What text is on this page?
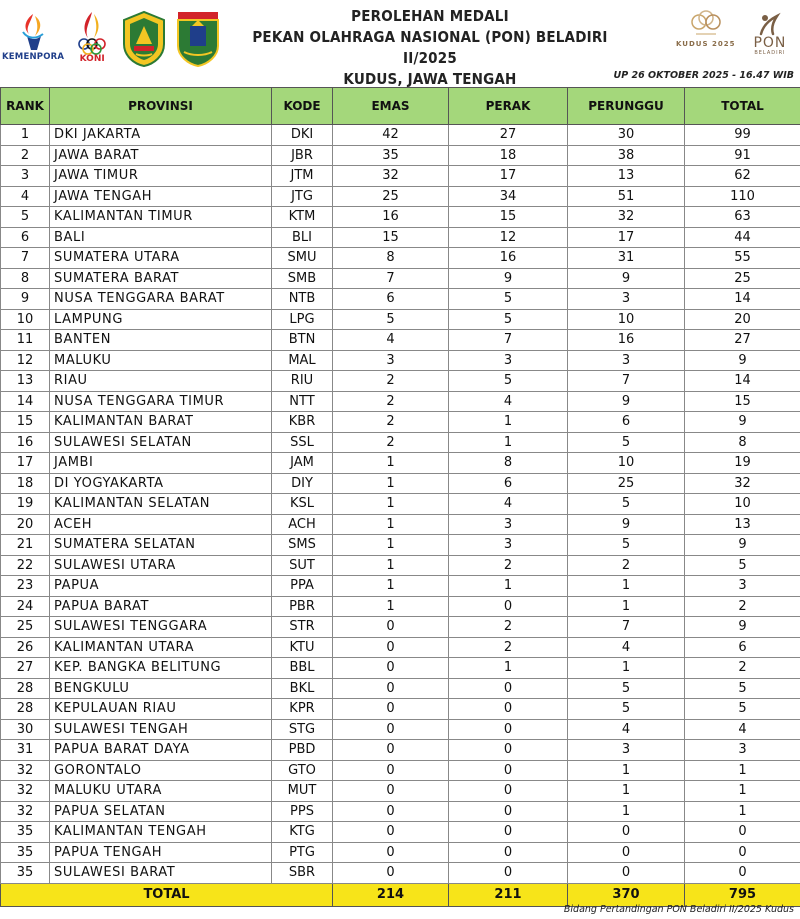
KEMENPORA KONI
PEROLEHAN MEDALI
PEKAN OLAHRAGA NASIONAL (PON) BELADIRI II/2025
KUDUS, JAWA TENGAH
KUDUS 2025 PON
BELADIRI
UP 26 OKTOBER 2025 - 16.47 WIB
RANK	PROVINSI	KODE	EMAS	PERAK	PERUNGGU	TOTAL
1	DKI JAKARTA	DKI	42	27	30	99
2	JAWA BARAT	JBR	35	18	38	91
3	JAWA TIMUR	JTM	32	17	13	62
4	JAWA TENGAH	JTG	25	34	51	110
5	KALIMANTAN TIMUR	KTM	16	15	32	63
6	BALI	BLI	15	12	17	44
7	SUMATERA UTARA	SMU	8	16	31	55
8	SUMATERA BARAT	SMB	7	9	9	25
9	NUSA TENGGARA BARAT	NTB	6	5	3	14
10	LAMPUNG	LPG	5	5	10	20
11	BANTEN	BTN	4	7	16	27
12	MALUKU	MAL	3	3	3	9
13	RIAU	RIU	2	5	7	14
14	NUSA TENGGARA TIMUR	NTT	2	4	9	15
15	KALIMANTAN BARAT	KBR	2	1	6	9
16	SULAWESI SELATAN	SSL	2	1	5	8
17	JAMBI	JAM	1	8	10	19
18	DI YOGYAKARTA	DIY	1	6	25	32
19	KALIMANTAN SELATAN	KSL	1	4	5	10
20	ACEH	ACH	1	3	9	13
21	SUMATERA SELATAN	SMS	1	3	5	9
22	SULAWESI UTARA	SUT	1	2	2	5
23	PAPUA	PPA	1	1	1	3
24	PAPUA BARAT	PBR	1	0	1	2
25	SULAWESI TENGGARA	STR	0	2	7	9
26	KALIMANTAN UTARA	KTU	0	2	4	6
27	KEP. BANGKA BELITUNG	BBL	0	1	1	2
28	BENGKULU	BKL	0	0	5	5
28	KEPULAUAN RIAU	KPR	0	0	5	5
30	SULAWESI TENGAH	STG	0	0	4	4
31	PAPUA BARAT DAYA	PBD	0	0	3	3
32	GORONTALO	GTO	0	0	1	1
32	MALUKU UTARA	MUT	0	0	1	1
32	PAPUA SELATAN	PPS	0	0	1	1
35	KALIMANTAN TENGAH	KTG	0	0	0	0
35	PAPUA TENGAH	PTG	0	0	0	0
35	SULAWESI BARAT	SBR	0	0	0	0
TOTAL			214	211	370	795
Bidang Pertandingan PON Beladiri II/2025 Kudus
